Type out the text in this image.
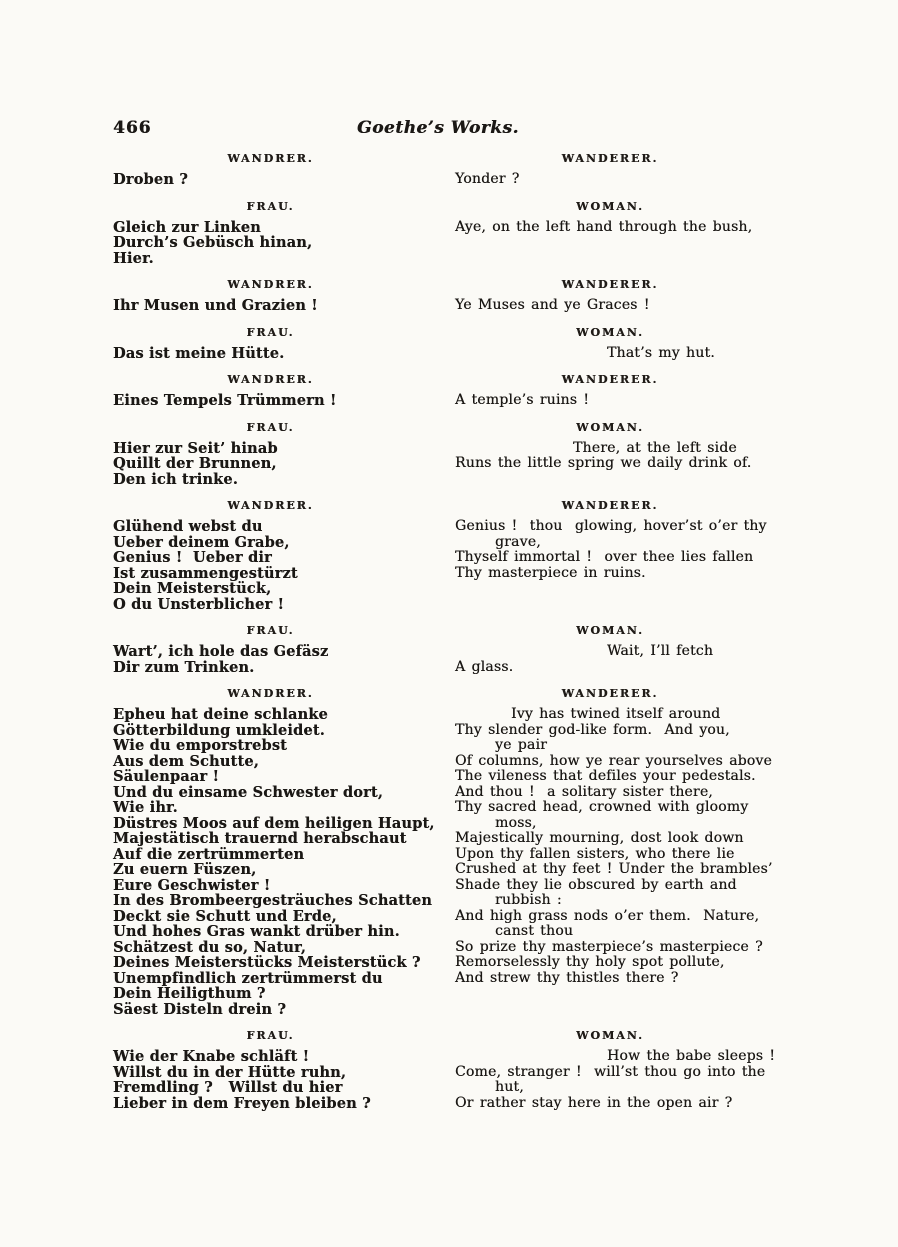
466	Goethe’s Works.
WANDRER.
Droben ?
WANDERER.
Yonder ?
FRAU.
Gleich zur Linken
Durch’s Gebüsch hinan,
Hier.
WOMAN.
Aye, on the left hand through the bush,
WANDRER.
Ihr Musen und Grazien !
WANDERER.
Ye Muses and ye Graces !
FRAU.
Das ist meine Hütte.
WOMAN.
That’s my hut.
WANDRER.
Eines Tempels Trümmern !
WANDERER.
A temple’s ruins !
FRAU.
Hier zur Seit’ hinab
Quillt der Brunnen,
Den ich trinke.
WOMAN.
There, at the left side
Runs the little spring we daily drink of.
WANDRER.
Glühend webst du
Ueber deinem Grabe,
Genius !  Ueber dir
Ist zusammengestürzt
Dein Meisterstück,
O du Unsterblicher !
WANDERER.
Genius !  thou  glowing, hover’st o’er thy
grave,
Thyself immortal !  over thee lies fallen
Thy masterpiece in ruins.
FRAU.
Wart’, ich hole das Gefäsz
Dir zum Trinken.
WOMAN.
Wait, I’ll fetch
A glass.
WANDRER.
Epheu hat deine schlanke
Götterbildung umkleidet.
Wie du emporstrebst
Aus dem Schutte,
Säulenpaar !
Und du einsame Schwester dort,
Wie ihr.
Düstres Moos auf dem heiligen Haupt,
Majestätisch trauernd herabschaut
Auf die zertrümmerten
Zu euern Füszen,
Eure Geschwister !
In des Brombeergesträuches Schatten
Deckt sie Schutt und Erde,
Und hohes Gras wankt drüber hin.
Schätzest du so, Natur,
Deines Meisterstücks Meisterstück ?
Unempfindlich zertrümmerst du
Dein Heiligthum ?
Säest Disteln drein ?
WANDERER.
Ivy has twined itself around
Thy slender god-like form.  And you,
ye pair
Of columns, how ye rear yourselves above
The vileness that defiles your pedestals.
And thou !  a solitary sister there,
Thy sacred head, crowned with gloomy
moss,
Majestically mourning, dost look down
Upon thy fallen sisters, who there lie
Crushed at thy feet ! Under the brambles’
Shade they lie obscured by earth and
rubbish :
And high grass nods o’er them.  Nature,
canst thou
So prize thy masterpiece’s masterpiece ?
Remorselessly thy holy spot pollute,
And strew thy thistles there ?
FRAU.
Wie der Knabe schläft !
Willst du in der Hütte ruhn,
Fremdling ?   Willst du hier
Lieber in dem Freyen bleiben ?
WOMAN.
How the babe sleeps !
Come, stranger !  will’st thou go into the
hut,
Or rather stay here in the open air ?
